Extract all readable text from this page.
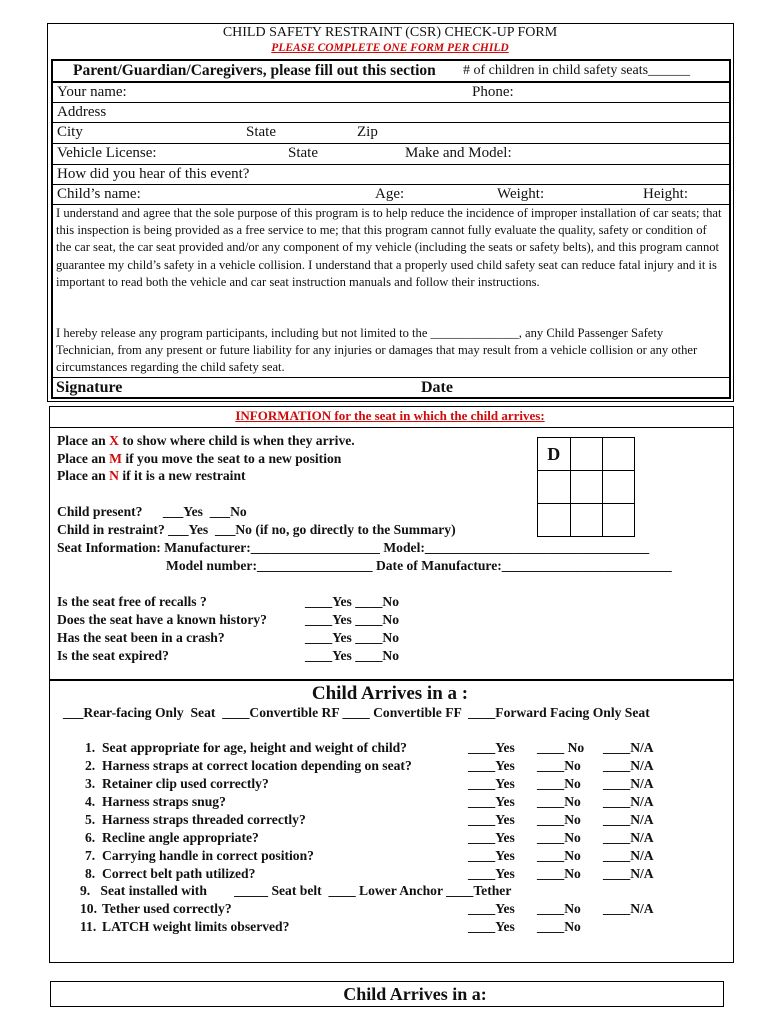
CHILD SAFETY RESTRAINT (CSR) CHECK-UP FORM
PLEASE COMPLETE ONE FORM PER CHILD
Parent/Guardian/Caregivers, please fill out this section # of children in child safety seats______
Your name:	Phone:
Address
City	State	Zip
Vehicle License:	State	Make and Model:
How did you hear of this event?
Child’s name:	Age:	Weight:	Height:
I understand and agree that the sole purpose of this program is to help reduce the incidence of improper installation of car seats; that this inspection is being provided as a free service to me; that this program cannot fully evaluate the quality, safety or condition of the car seat, the car seat provided and/or any component of my vehicle (including the seats or safety belts), and this program cannot guarantee my child’s safety in a vehicle collision. I understand that a properly used child safety seat can reduce fatal injury and it is important to read both the vehicle and car seat instruction manuals and follow their instructions.
I hereby release any program participants, including but not limited to the ______________, any Child Passenger Safety Technician, from any present or future liability for any injuries or damages that may result from a vehicle collision or any other circumstances regarding the child safety seat.
Signature	Date
INFORMATION for the seat in which the child arrives:
Place an X to show where child is when they arrive.
Place an M if you move the seat to a new position
Place an N if it is a new restraint
D		

Child present?      ___Yes  ___No
Child in restraint? ___Yes  ___No (if no, go directly to the Summary)
Seat Information: Manufacturer:___________________ Model:_________________________________
Model number:_________________ Date of Manufacture:_________________________
Is the seat free of recalls ?	____Yes ____No
Does the seat have a known history?	____Yes ____No
Has the seat been in a crash?	____Yes ____No
Is the seat expired?	____Yes ____No
Child Arrives in a :
___Rear-facing Only  Seat  ____Convertible RF ____ Convertible FF  ____Forward Facing Only Seat
1. Seat appropriate for age, height and weight of child?	____Yes ____ No ____N/A
2. Harness straps at correct location depending on seat?	____Yes ____No ____N/A
3. Retainer clip used correctly?	____Yes ____No ____N/A
4. Harness straps snug?	____Yes ____No ____N/A
5. Harness straps threaded correctly?	____Yes ____No ____N/A
6. Recline angle appropriate?	____Yes ____No ____N/A
7. Carrying handle in correct position?	____Yes ____No ____N/A
8. Correct belt path utilized?	____Yes ____No ____N/A
9.   Seat installed with        _____ Seat belt  ____ Lower Anchor ____Tether
10. Tether used correctly?	____Yes ____No ____N/A
11. LATCH weight limits observed?	____Yes ____No
Child Arrives in a:
